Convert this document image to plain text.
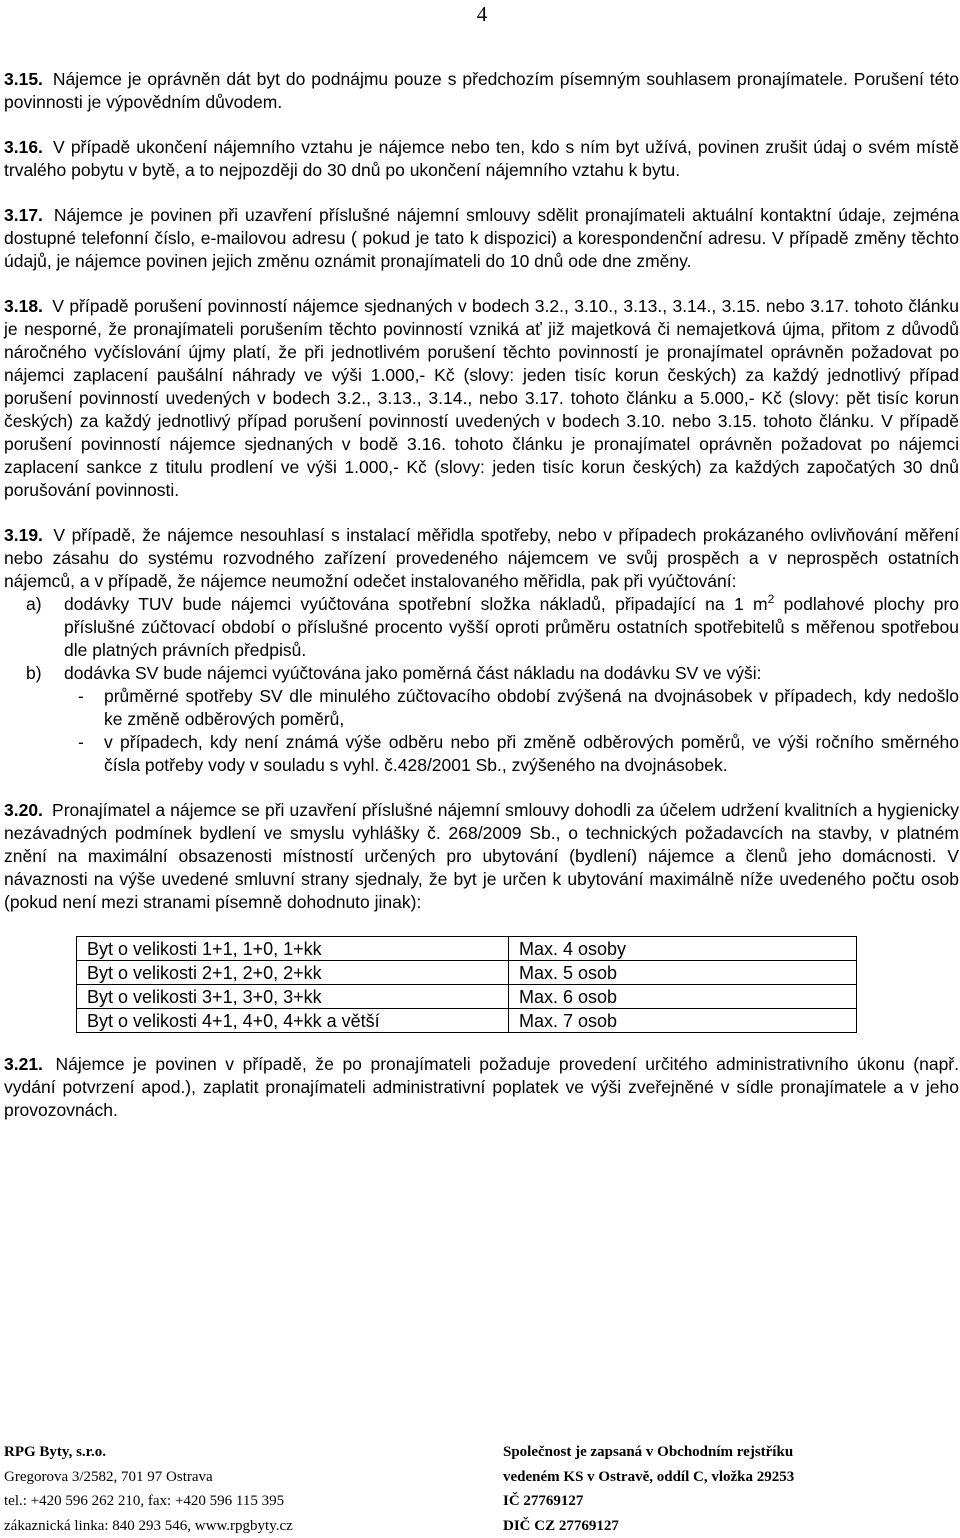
4

3.15. Nájemce je oprávněn dát byt do podnájmu pouze s předchozím písemným souhlasem pronajímatele. Porušení této povinnosti je výpovědním důvodem.

3.16. V případě ukončení nájemního vztahu je nájemce nebo ten, kdo s ním byt užívá, povinen zrušit údaj o svém místě trvalého pobytu v bytě, a to nejpozději do 30 dnů po ukončení nájemního vztahu k bytu.

3.17. Nájemce je povinen při uzavření příslušné nájemní smlouvy sdělit pronajímateli aktuální kontaktní údaje, zejména dostupné telefonní číslo, e-mailovou adresu ( pokud je tato k dispozici) a korespondenční adresu. V případě změny těchto údajů, je nájemce povinen jejich změnu oznámit pronajímateli do 10 dnů ode dne změny.

3.18. V případě porušení povinností nájemce sjednaných v bodech 3.2., 3.10., 3.13., 3.14., 3.15. nebo 3.17. tohoto článku je nesporné, že pronajímateli porušením těchto povinností vzniká ať již majetková či nemajetková újma, přitom z důvodů náročného vyčíslování újmy platí, že při jednotlivém porušení těchto povinností je pronajímatel oprávněn požadovat po nájemci zaplacení paušální náhrady ve výši 1.000,- Kč (slovy: jeden tisíc korun českých) za každý jednotlivý případ porušení povinností uvedených v bodech 3.2., 3.13., 3.14., nebo 3.17. tohoto článku a 5.000,- Kč (slovy: pět tisíc korun českých) za každý jednotlivý případ porušení povinností uvedených v bodech 3.10. nebo 3.15. tohoto článku. V případě porušení povinností nájemce sjednaných v bodě 3.16. tohoto článku je pronajímatel oprávněn požadovat po nájemci zaplacení sankce z titulu prodlení ve výši 1.000,- Kč (slovy: jeden tisíc korun českých) za každých započatých 30 dnů porušování povinnosti.

3.19. V případě, že nájemce nesouhlasí s instalací měřidla spotřeby, nebo v případech prokázaného ovlivňování měření nebo zásahu do systému rozvodného zařízení provedeného nájemcem ve svůj prospěch a v neprospěch ostatních nájemců, a v případě, že nájemce neumožní odečet instalovaného měřidla, pak při vyúčtování:

a)	dodávky TUV bude nájemci vyúčtována spotřební složka nákladů, připadající na 1 $m^2$ podlahové plochy pro příslušné zúčtovací období o příslušné procento vyšší oproti průměru ostatních spotřebitelů s měřenou spotřebou dle platných právních předpisů.
b)	dodávka SV bude nájemci vyúčtována jako poměrná část nákladu na dodávku SV ve výši:
-	průměrné spotřeby SV dle minulého zúčtovacího období zvýšená na dvojnásobek v případech, kdy nedošlo ke změně odběrových poměrů,
-	v případech, kdy není známá výše odběru nebo při změně odběrových poměrů, ve výši ročního směrného čísla potřeby vody v souladu s vyhl. č.428/2001 Sb., zvýšeného na dvojnásobek.

3.20. Pronajímatel a nájemce se při uzavření příslušné nájemní smlouvy dohodli za účelem udržení kvalitních a hygienicky nezávadných podmínek bydlení ve smyslu vyhlášky č. 268/2009 Sb., o technických požadavcích na stavby, v platném znění na maximální obsazenosti místností určených pro ubytování (bydlení) nájemce a členů jeho domácnosti. V návaznosti na výše uvedené smluvní strany sjednaly, že byt je určen k ubytování maximálně níže uvedeného počtu osob (pokud není mezi stranami písemně dohodnuto jinak):

Byt o velikosti 1+1, 1+0, 1+kk	Max. 4 osoby
Byt o velikosti 2+1, 2+0, 2+kk	Max. 5 osob
Byt o velikosti 3+1, 3+0, 3+kk	Max. 6 osob
Byt o velikosti 4+1, 4+0, 4+kk a větší	Max. 7 osob

3.21. Nájemce je povinen v případě, že po pronajímateli požaduje provedení určitého administrativního úkonu (např. vydání potvrzení apod.), zaplatit pronajímateli administrativní poplatek ve výši zveřejněné v sídle pronajímatele a v jeho provozovnách.

RPG Byty, s.r.o.
Gregorova 3/2582, 701 97 Ostrava
tel.: +420 596 262 210, fax: +420 596 115 395
zákaznická linka: 840 293 546, www.rpgbyty.cz
Společnost je zapsaná v Obchodním rejstříku
vedeném KS v Ostravě, oddíl C, vložka 29253
IČ 27769127
DIČ CZ 27769127
